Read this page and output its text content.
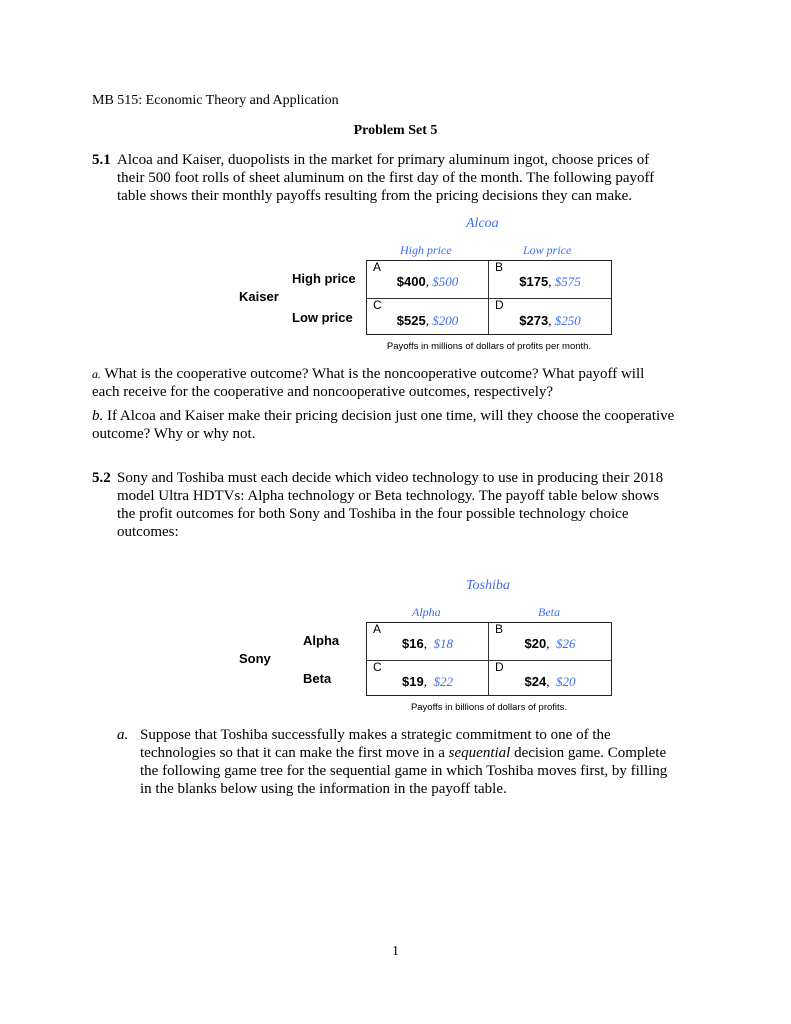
MB 515: Economic Theory and Application
Problem Set 5
5.1 Alcoa and Kaiser, duopolists in the market for primary aluminum ingot, choose prices of
their 500 foot rolls of sheet aluminum on the first day of the month. The following payoff
table shows their monthly payoffs resulting from the pricing decisions they can make.
Alcoa
High price	Low price
Kaiser
High price
Low price
A
$400, $500
B
$175, $575
C
$525, $200
D
$273, $250
Payoffs in millions of dollars of profits per month.
a. What is the cooperative outcome? What is the noncooperative outcome? What payoff will
each receive for the cooperative and noncooperative outcomes, respectively?
b. If Alcoa and Kaiser make their pricing decision just one time, will they choose the cooperative
outcome? Why or why not.
5.2 Sony and Toshiba must each decide which video technology to use in producing their 2018
model Ultra HDTVs: Alpha technology or Beta technology. The payoff table below shows
the profit outcomes for both Sony and Toshiba in the four possible technology choice
outcomes:
Toshiba
Alpha	Beta
Sony
Alpha
Beta
A
$16,  $18
B
$20,  $26
C
$19,  $22
D
$24,  $20
Payoffs in billions of dollars of profits.
a. Suppose that Toshiba successfully makes a strategic commitment to one of the
technologies so that it can make the first move in a sequential decision game. Complete
the following game tree for the sequential game in which Toshiba moves first, by filling
in the blanks below using the information in the payoff table.
1
